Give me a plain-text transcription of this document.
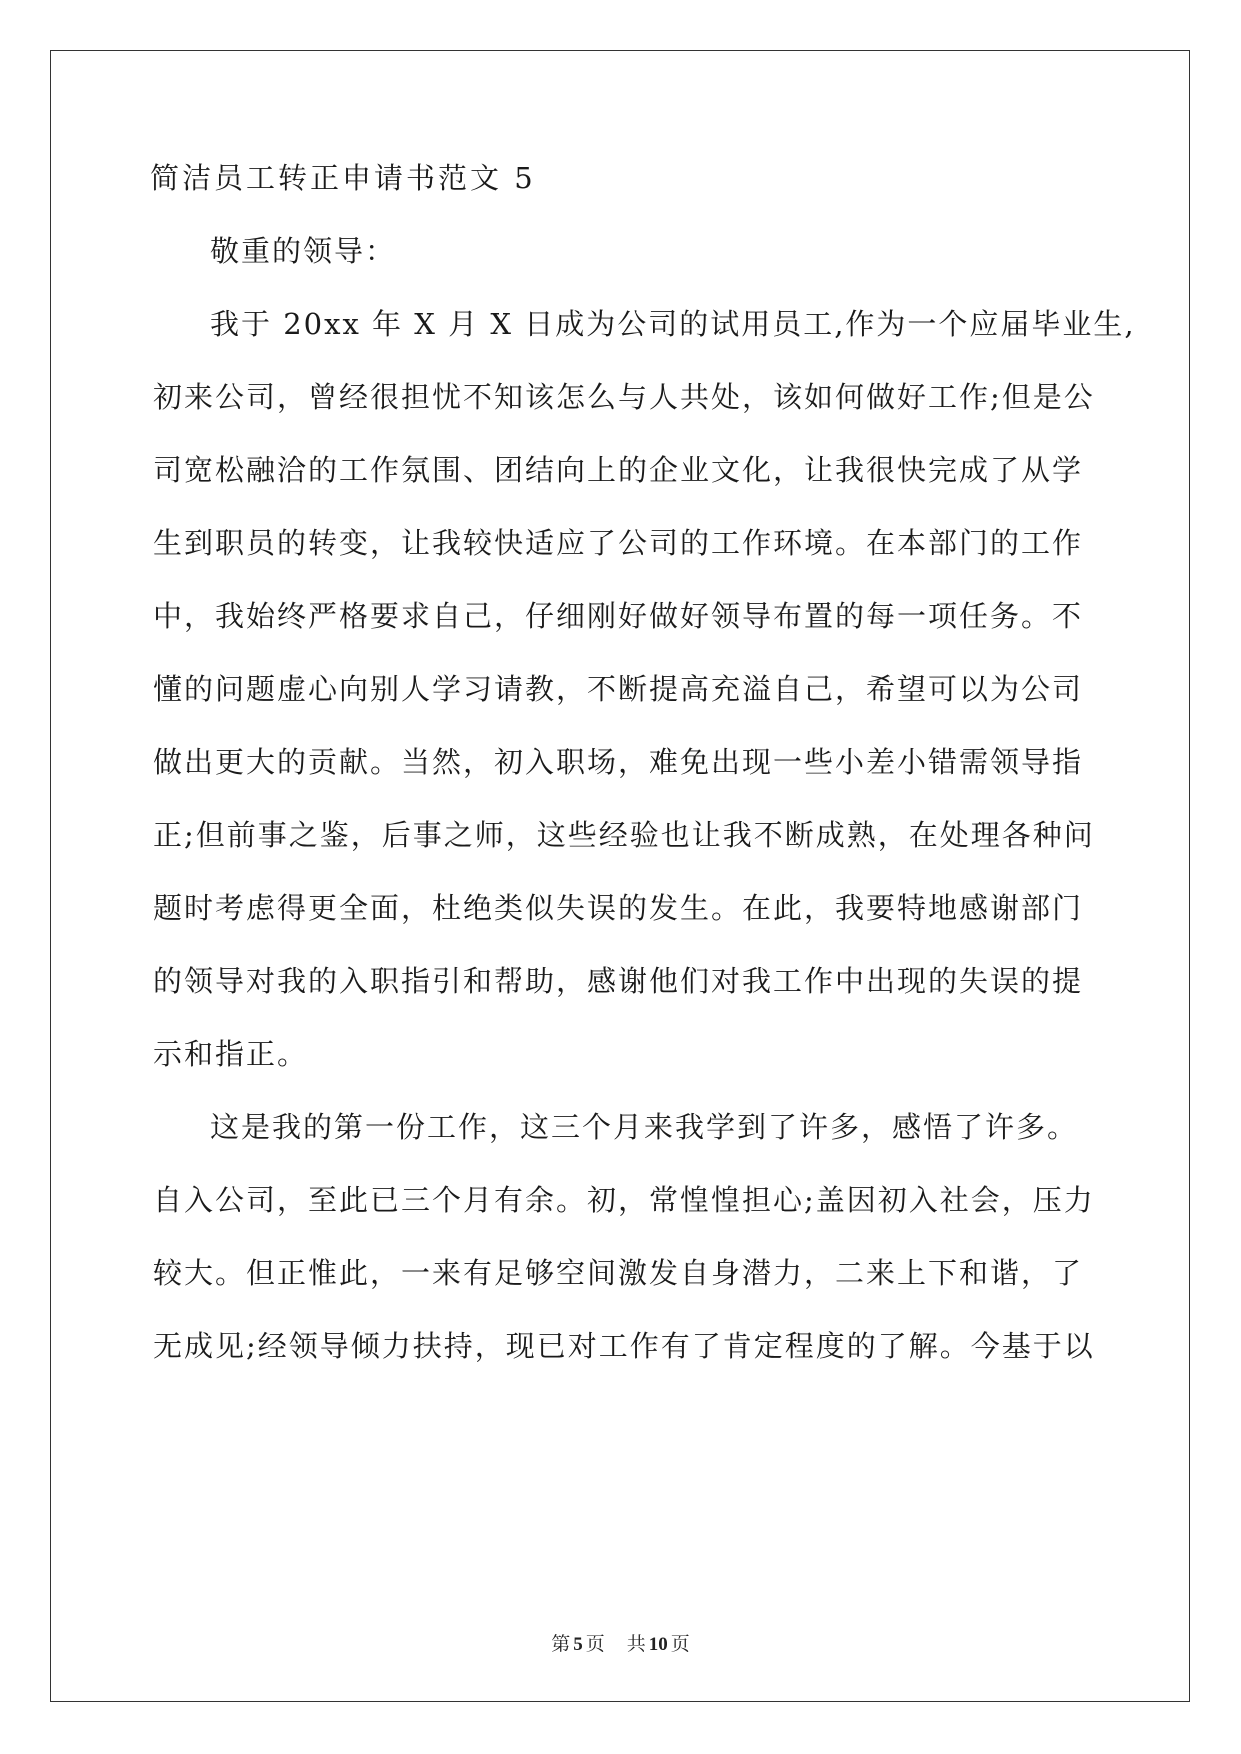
简洁员工转正申请书范文 5
敬重的领导：
我于 20xx 年 X 月 X 日成为公司的试用员工,作为一个应届毕业生,
初来公司，曾经很担忧不知该怎么与人共处，该如何做好工作;但是公
司宽松融洽的工作氛围、团结向上的企业文化，让我很快完成了从学
生到职员的转变，让我较快适应了公司的工作环境。在本部门的工作
中，我始终严格要求自己，仔细刚好做好领导布置的每一项任务。不
懂的问题虚心向别人学习请教，不断提高充溢自己，希望可以为公司
做出更大的贡献。当然，初入职场，难免出现一些小差小错需领导指
正;但前事之鉴，后事之师，这些经验也让我不断成熟，在处理各种问
题时考虑得更全面，杜绝类似失误的发生。在此，我要特地感谢部门
的领导对我的入职指引和帮助，感谢他们对我工作中出现的失误的提
示和指正。
这是我的第一份工作，这三个月来我学到了许多，感悟了许多。
自入公司，至此已三个月有余。初，常惶惶担心;盖因初入社会，压力
较大。但正惟此，一来有足够空间激发自身潜力，二来上下和谐，了
无成见;经领导倾力扶持，现已对工作有了肯定程度的了解。今基于以
第 5 页 共 10 页
